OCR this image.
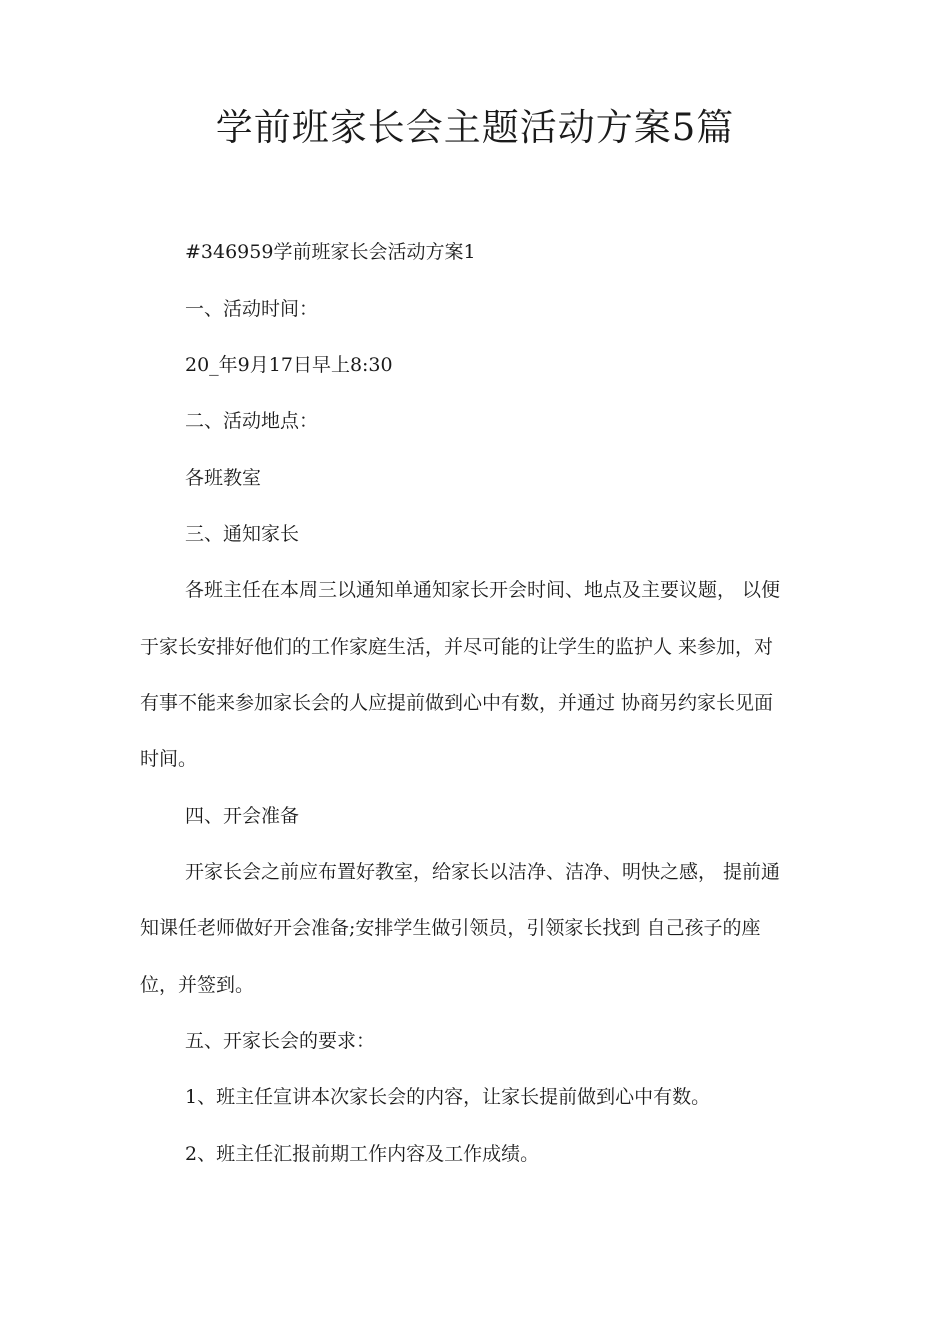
学前班家长会主题活动方案5篇
#346959学前班家长会活动方案1
一、活动时间：
20_年9月17日早上8:30
二、活动地点：
各班教室
三、通知家长
各班主任在本周三以通知单通知家长开会时间、地点及主要议题， 以便
于家长安排好他们的工作家庭生活，并尽可能的让学生的监护人 来参加，对
有事不能来参加家长会的人应提前做到心中有数，并通过 协商另约家长见面
时间。
四、开会准备
开家长会之前应布置好教室，给家长以洁净、洁净、明快之感， 提前通
知课任老师做好开会准备;安排学生做引领员，引领家长找到 自己孩子的座
位，并签到。
五、开家长会的要求：
1、班主任宣讲本次家长会的内容，让家长提前做到心中有数。
2、班主任汇报前期工作内容及工作成绩。
